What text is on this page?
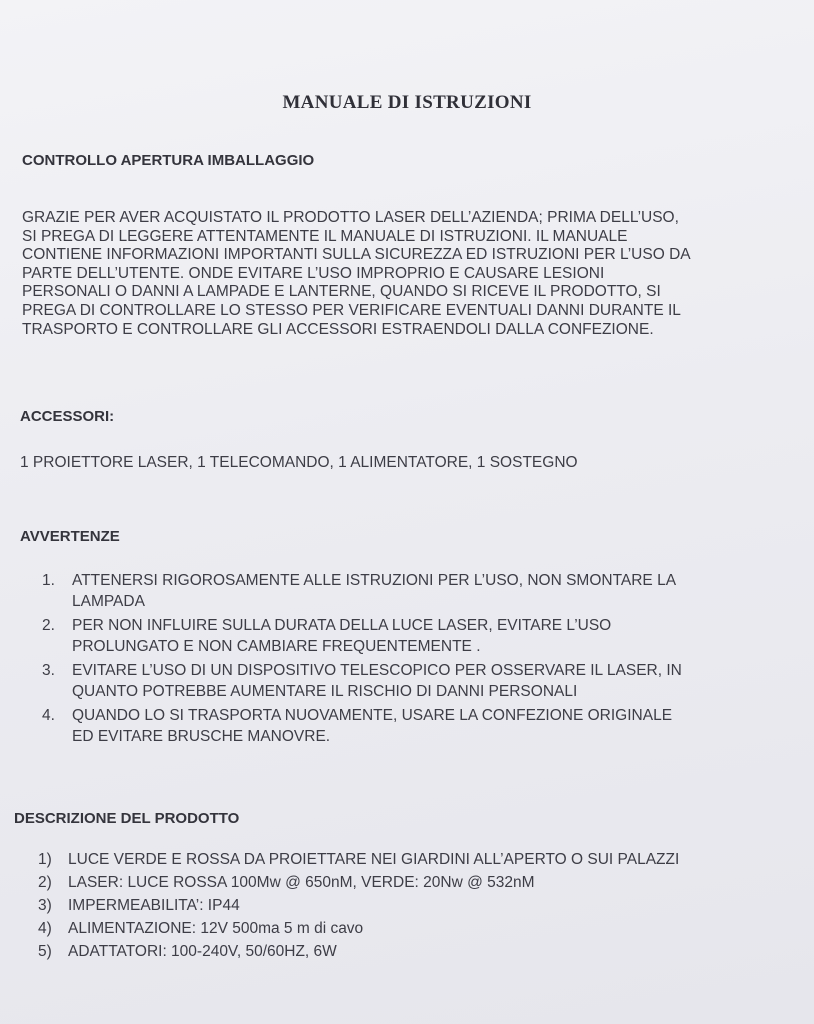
MANUALE DI ISTRUZIONI
CONTROLLO APERTURA IMBALLAGGIO
GRAZIE PER AVER ACQUISTATO IL PRODOTTO LASER DELL’AZIENDA; PRIMA DELL’USO,
SI PREGA DI LEGGERE ATTENTAMENTE IL MANUALE DI ISTRUZIONI. IL MANUALE
CONTIENE INFORMAZIONI IMPORTANTI SULLA SICUREZZA ED ISTRUZIONI PER L’USO DA
PARTE DELL’UTENTE. ONDE EVITARE L’USO IMPROPRIO E CAUSARE LESIONI
PERSONALI O DANNI A LAMPADE E LANTERNE, QUANDO SI RICEVE IL PRODOTTO, SI
PREGA DI CONTROLLARE LO STESSO PER VERIFICARE EVENTUALI DANNI DURANTE IL
TRASPORTO E CONTROLLARE GLI ACCESSORI ESTRAENDOLI DALLA CONFEZIONE.
ACCESSORI:
1 PROIETTORE LASER, 1 TELECOMANDO, 1 ALIMENTATORE, 1 SOSTEGNO
AVVERTENZE
1. ATTENERSI RIGOROSAMENTE ALLE ISTRUZIONI PER L’USO, NON SMONTARE LA
LAMPADA
2. PER NON INFLUIRE SULLA DURATA DELLA LUCE LASER, EVITARE L’USO
PROLUNGATO E NON CAMBIARE FREQUENTEMENTE .
3. EVITARE L’USO DI UN DISPOSITIVO TELESCOPICO PER OSSERVARE IL LASER, IN
QUANTO POTREBBE AUMENTARE IL RISCHIO DI DANNI PERSONALI
4. QUANDO LO SI TRASPORTA NUOVAMENTE, USARE LA CONFEZIONE ORIGINALE
ED EVITARE BRUSCHE MANOVRE.
DESCRIZIONE DEL PRODOTTO
1) LUCE VERDE E ROSSA DA PROIETTARE NEI GIARDINI ALL’APERTO O SUI PALAZZI
2) LASER: LUCE ROSSA 100Mw @ 650nM, VERDE: 20Nw @ 532nM
3) IMPERMEABILITA’: IP44
4) ALIMENTAZIONE: 12V 500ma 5 m di cavo
5) ADATTATORI: 100-240V, 50/60HZ, 6W
